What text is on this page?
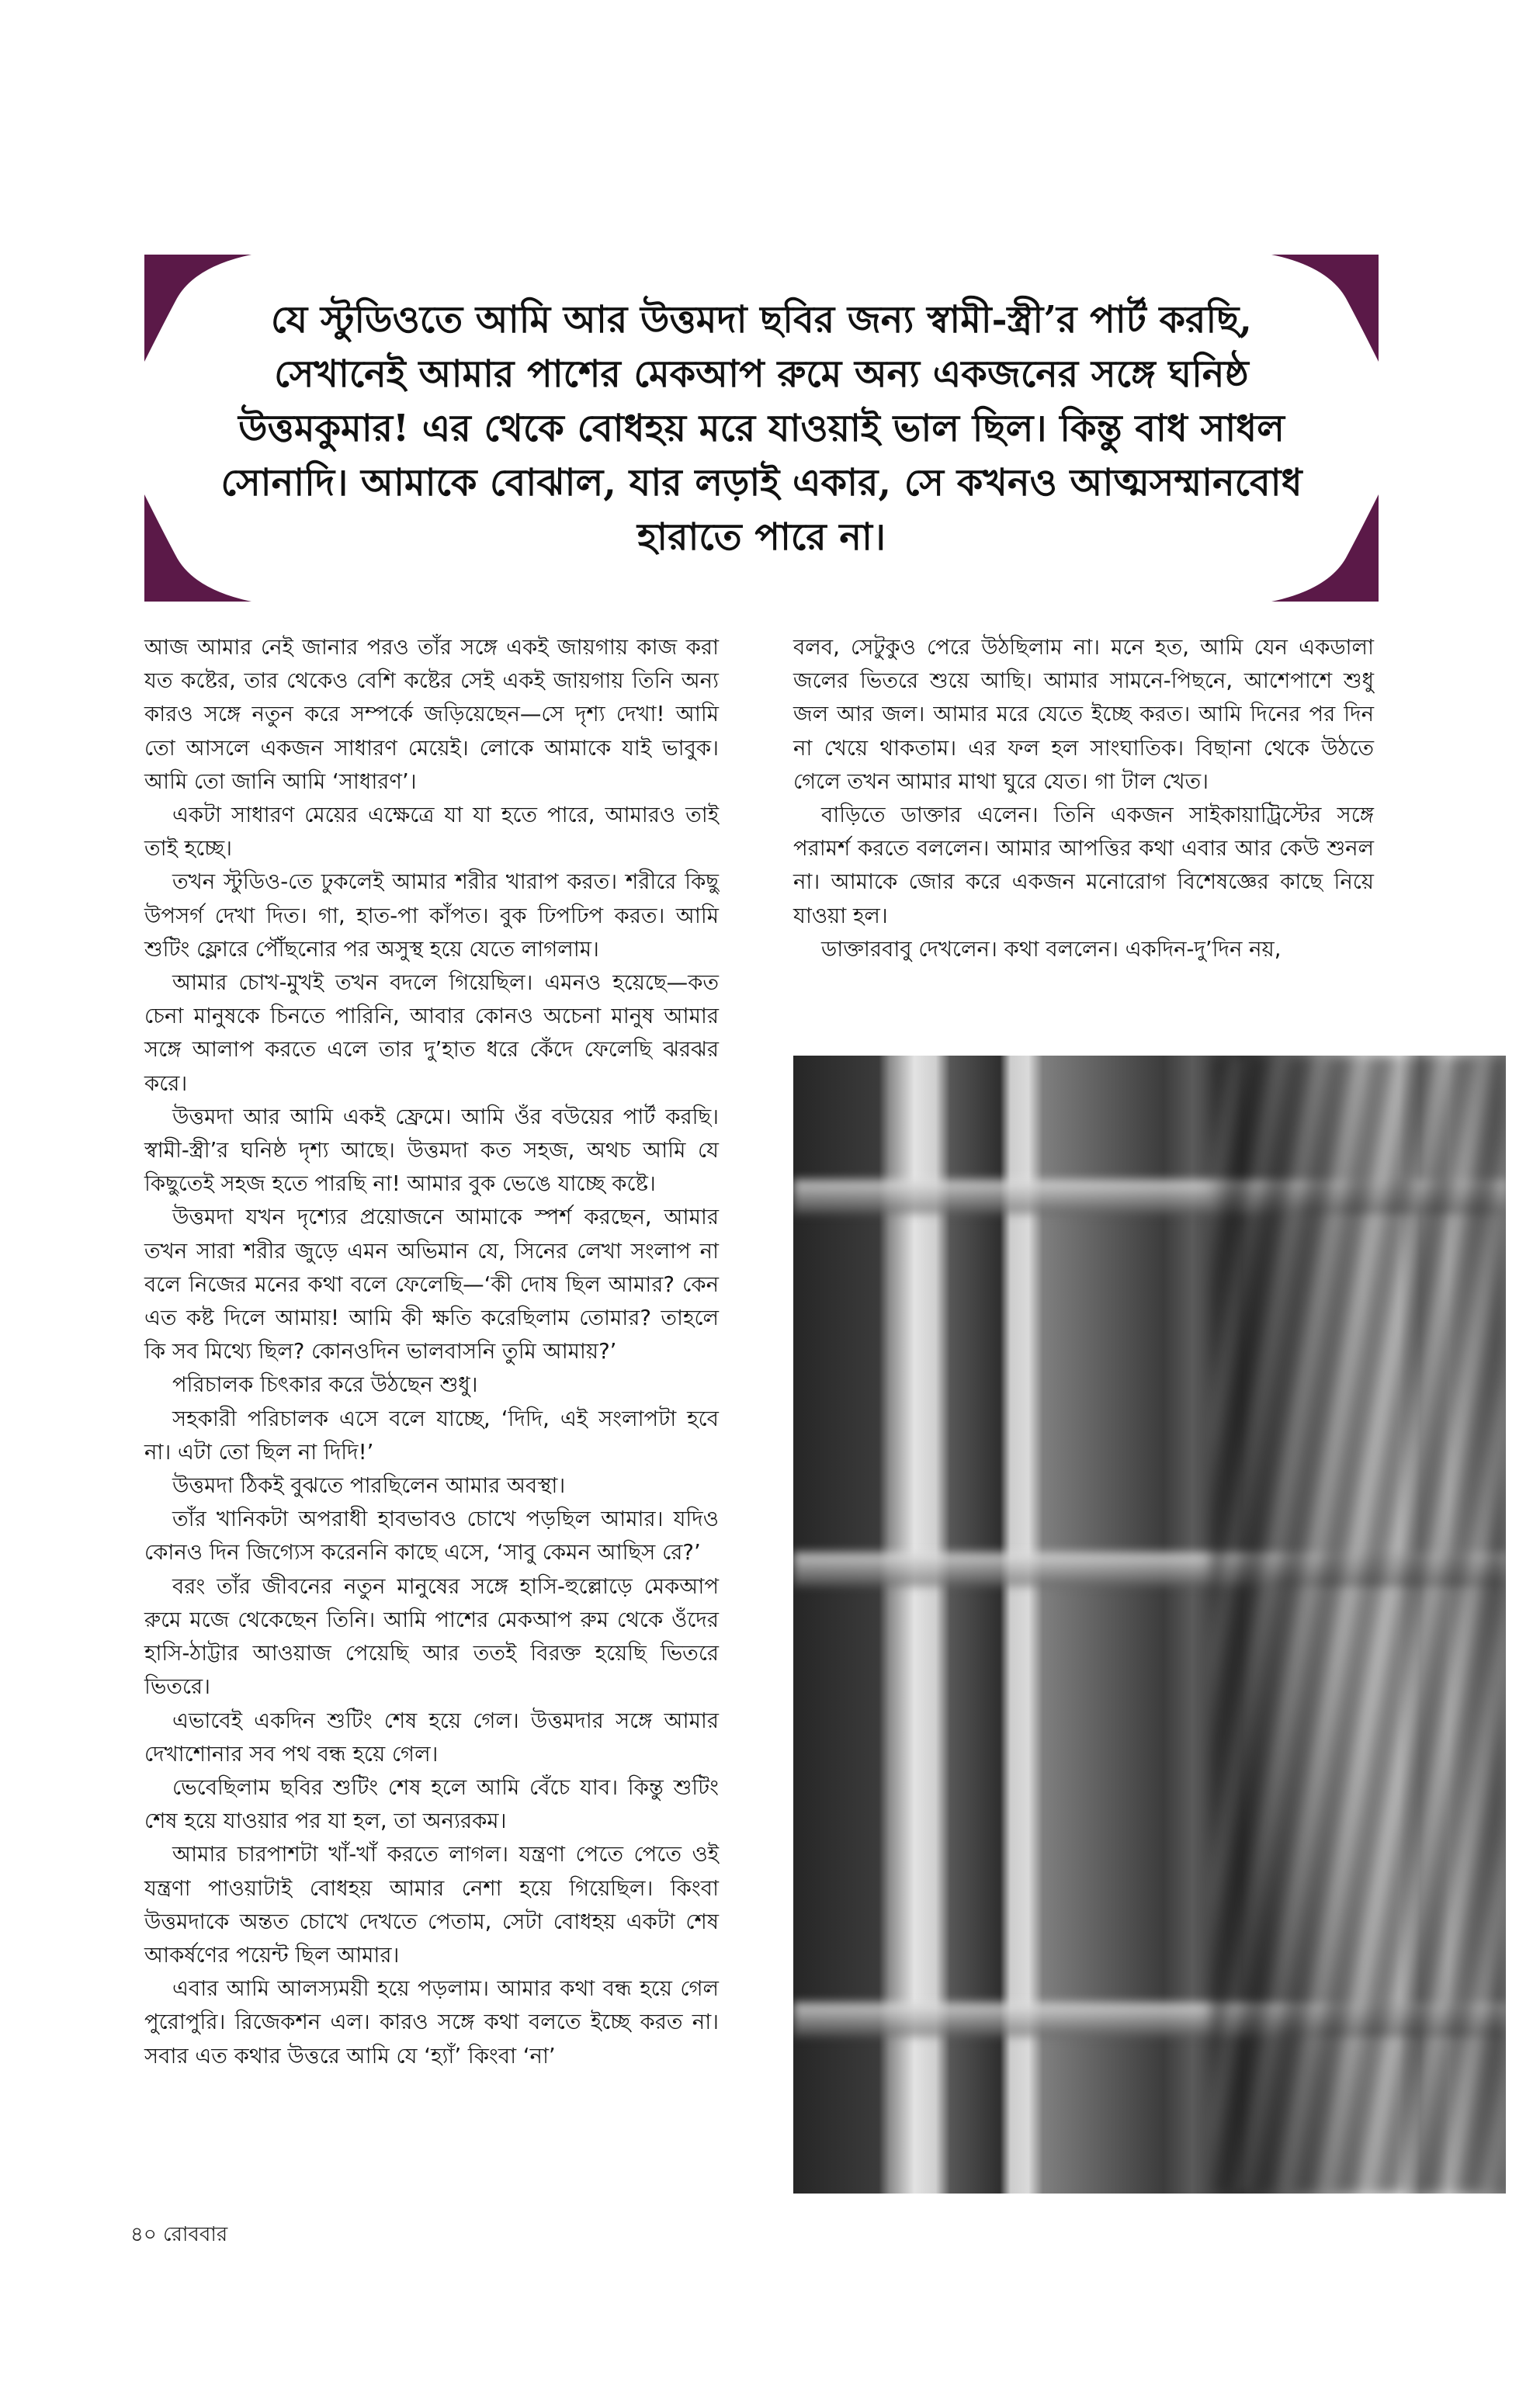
যে স্টুডিওতে আমি আর উত্তমদা ছবির জন্য স্বামী-স্ত্রী’র পার্ট করছি, সেখানেই আমার পাশের মেকআপ রুমে অন্য একজনের সঙ্গে ঘনিষ্ঠ উত্তমকুমার! এর থেকে বোধহয় মরে যাওয়াই ভাল ছিল। কিন্তু বাধ সাধল সোনাদি। আমাকে বোঝাল, যার লড়াই একার, সে কখনও আত্মসম্মানবোধ হারাতে পারে না।

আজ আমার নেই জানার পরও তাঁর সঙ্গে একই জায়গায় কাজ করা যত কষ্টের, তার থেকেও বেশি কষ্টের সেই একই জায়গায় তিনি অন্য কারও সঙ্গে নতুন করে সম্পর্কে জড়িয়েছেন—সে দৃশ্য দেখা! আমি তো আসলে একজন সাধারণ মেয়েই। লোকে আমাকে যাই ভাবুক। আমি তো জানি আমি ‘সাধারণ’।

একটা সাধারণ মেয়ের এক্ষেত্রে যা যা হতে পারে, আমারও তাই তাই হচ্ছে।

তখন স্টুডিও-তে ঢুকলেই আমার শরীর খারাপ করত। শরীরে কিছু উপসর্গ দেখা দিত। গা, হাত-পা কাঁপত। বুক ঢিপঢিপ করত। আমি শুটিং ফ্লোরে পৌঁছনোর পর অসুস্থ হয়ে যেতে লাগলাম।

আমার চোখ-মুখই তখন বদলে গিয়েছিল। এমনও হয়েছে—কত চেনা মানুষকে চিনতে পারিনি, আবার কোনও অচেনা মানুষ আমার সঙ্গে আলাপ করতে এলে তার দু’হাত ধরে কেঁদে ফেলেছি ঝরঝর করে।

উত্তমদা আর আমি একই ফ্রেমে। আমি ওঁর বউয়ের পার্ট করছি। স্বামী-স্ত্রী’র ঘনিষ্ঠ দৃশ্য আছে। উত্তমদা কত সহজ, অথচ আমি যে কিছুতেই সহজ হতে পারছি না! আমার বুক ভেঙে যাচ্ছে কষ্টে।

উত্তমদা যখন দৃশ্যের প্রয়োজনে আমাকে স্পর্শ করছেন, আমার তখন সারা শরীর জুড়ে এমন অভিমান যে, সিনের লেখা সংলাপ না বলে নিজের মনের কথা বলে ফেলেছি—‘কী দোষ ছিল আমার? কেন এত কষ্ট দিলে আমায়! আমি কী ক্ষতি করেছিলাম তোমার? তাহলে কি সব মিথ্যে ছিল? কোনওদিন ভালবাসনি তুমি আমায়?’

পরিচালক চিৎকার করে উঠছেন শুধু।

সহকারী পরিচালক এসে বলে যাচ্ছে, ‘দিদি, এই সংলাপটা হবে না। এটা তো ছিল না দিদি!’

উত্তমদা ঠিকই বুঝতে পারছিলেন আমার অবস্থা।

তাঁর খানিকটা অপরাধী হাবভাবও চোখে পড়ছিল আমার। যদিও কোনও দিন জিগ্যেস করেননি কাছে এসে, ‘সাবু কেমন আছিস রে?’

বরং তাঁর জীবনের নতুন মানুষের সঙ্গে হাসি-হুল্লোড়ে মেকআপ রুমে মজে থেকেছেন তিনি। আমি পাশের মেকআপ রুম থেকে ওঁদের হাসি-ঠাট্টার আওয়াজ পেয়েছি আর ততই বিরক্ত হয়েছি ভিতরে ভিতরে।

এভাবেই একদিন শুটিং শেষ হয়ে গেল। উত্তমদার সঙ্গে আমার দেখাশোনার সব পথ বন্ধ হয়ে গেল।

ভেবেছিলাম ছবির শুটিং শেষ হলে আমি বেঁচে যাব। কিন্তু শুটিং শেষ হয়ে যাওয়ার পর যা হল, তা অন্যরকম।

আমার চারপাশটা খাঁ-খাঁ করতে লাগল। যন্ত্রণা পেতে পেতে ওই যন্ত্রণা পাওয়াটাই বোধহয় আমার নেশা হয়ে গিয়েছিল। কিংবা উত্তমদাকে অন্তত চোখে দেখতে পেতাম, সেটা বোধহয় একটা শেষ আকর্ষণের পয়েন্ট ছিল আমার।

এবার আমি আলস্যময়ী হয়ে পড়লাম। আমার কথা বন্ধ হয়ে গেল পুরোপুরি। রিজেকশন এল। কারও সঙ্গে কথা বলতে ইচ্ছে করত না। সবার এত কথার উত্তরে আমি যে ‘হ্যাঁ’ কিংবা ‘না’

বলব, সেটুকুও পেরে উঠছিলাম না। মনে হত, আমি যেন একডালা জলের ভিতরে শুয়ে আছি। আমার সামনে-পিছনে, আশেপাশে শুধু জল আর জল। আমার মরে যেতে ইচ্ছে করত। আমি দিনের পর দিন না খেয়ে থাকতাম। এর ফল হল সাংঘাতিক। বিছানা থেকে উঠতে গেলে তখন আমার মাথা ঘুরে যেত। গা টাল খেত।

বাড়িতে ডাক্তার এলেন। তিনি একজন সাইকায়াট্রিস্টের সঙ্গে পরামর্শ করতে বললেন। আমার আপত্তির কথা এবার আর কেউ শুনল না। আমাকে জোর করে একজন মনোরোগ বিশেষজ্ঞের কাছে নিয়ে যাওয়া হল।

ডাক্তারবাবু দেখলেন। কথা বললেন। একদিন-দু’দিন নয়,

৪০ রোববার
